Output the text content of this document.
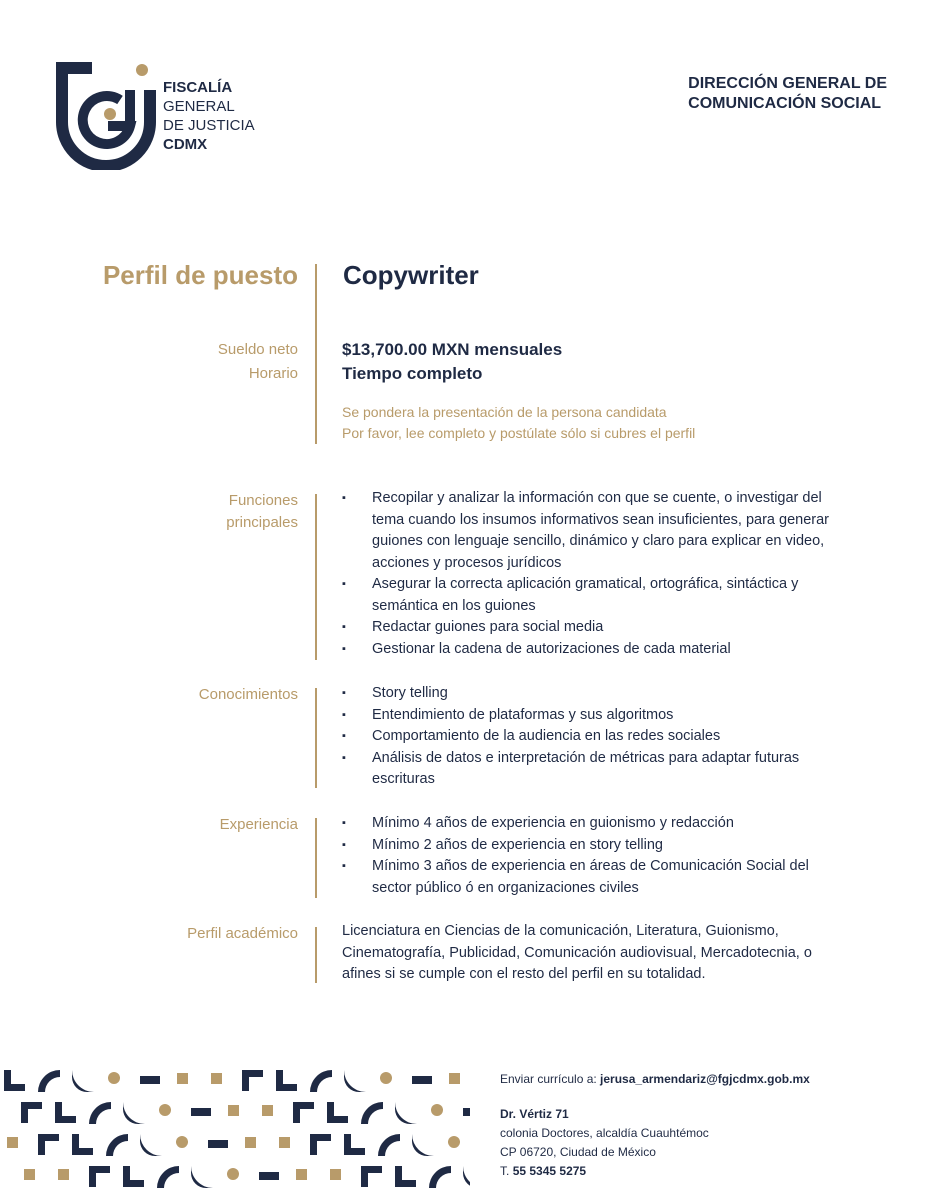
FISCALÍA
GENERAL
DE JUSTICIA
CDMX
DIRECCIÓN GENERAL DE
COMUNICACIÓN SOCIAL
Perfil de puesto Copywriter
Sueldo neto	$13,700.00 MXN mensuales
Horario	Tiempo completo
Se pondera la presentación de la persona candidata
Por favor, lee completo y postúlate sólo si cubres el perfil
Funciones
principales
▪ Recopilar y analizar la información con que se cuente, o investigar del tema cuando los insumos informativos sean insuficientes, para generar guiones con lenguaje sencillo, dinámico y claro para explicar en video, acciones y procesos jurídicos
▪ Asegurar la correcta aplicación gramatical, ortográfica, sintáctica y semántica en los guiones
▪ Redactar guiones para social media
▪ Gestionar la cadena de autorizaciones de cada material
Conocimientos	▪ Story telling
▪ Entendimiento de plataformas y sus algoritmos
▪ Comportamiento de la audiencia en las redes sociales
▪ Análisis de datos e interpretación de métricas para adaptar futuras escrituras
Experiencia	▪ Mínimo 4 años de experiencia en guionismo y redacción
▪ Mínimo 2 años de experiencia en story telling
▪ Mínimo 3 años de experiencia en áreas de Comunicación Social del sector público ó en organizaciones civiles
Perfil académico	Licenciatura en Ciencias de la comunicación, Literatura, Guionismo, Cinematografía, Publicidad, Comunicación audiovisual, Mercadotecnia, o afines si se cumple con el resto del perfil en su totalidad.
Enviar currículo a: jerusa_armendariz@fgjcdmx.gob.mx
Dr. Vértiz 71
colonia Doctores, alcaldía Cuauhtémoc
CP 06720, Ciudad de México
T. 55 5345 5275
